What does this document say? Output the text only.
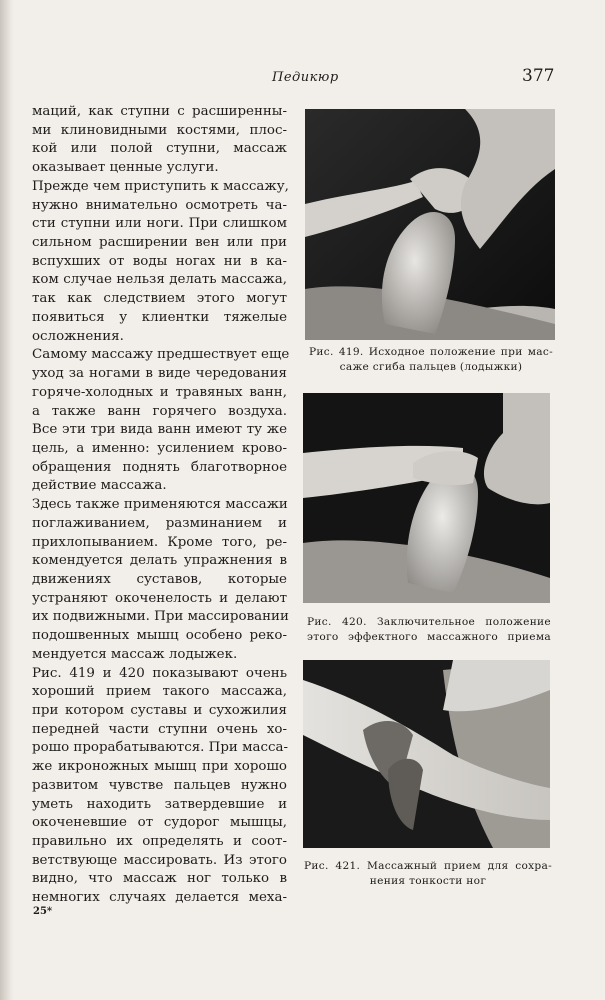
Педикюр	377
маций, как ступни с расширенны-
ми клиновидными костями, плос-
кой или полой ступни, массаж
оказывает ценные услуги.
Прежде чем приступить к массажу,
нужно внимательно осмотреть ча-
сти ступни или ноги. При слишком
сильном расширении вен или при
вспухших от воды ногах ни в ка-
ком случае нельзя делать массажа,
так как следствием этого могут
появиться у клиентки тяжелые
осложнения.
Самому массажу предшествует еще
уход за ногами в виде чередования
горяче-холодных и травяных ванн,
а также ванн горячего воздуха.
Все эти три вида ванн имеют ту же
цель, а именно: усилением крово-
обращения поднять благотворное
действие массажа.
Здесь также применяются массажи
поглаживанием, разминанием и
прихлопыванием. Кроме того, ре-
комендуется делать упражнения в
движениях суставов, которые
устраняют окоченелость и делают
их подвижными. При массировании
подошвенных мышц особено реко-
мендуется массаж лодыжек.
Рис. 419 и 420 показывают очень
хороший прием такого массажа,
при котором суставы и сухожилия
передней части ступни очень хо-
рошо прорабатываются. При масса-
же икроножных мышц при хорошо
развитом чувстве пальцев нужно
уметь находить затвердевшие и
окоченевшие от судорог мышцы,
правильно их определять и соот-
ветствующе массировать. Из этого
видно, что массаж ног только в
немногих случаях делается меха-

Рис. 419. Исходное положение при мас-
саже сгиба пальцев (лодыжки)

Рис. 420. Заключительное положение
этого эффектного массажного приема

Рис. 421. Массажный прием для сохра-
нения тонкости ног

25*
